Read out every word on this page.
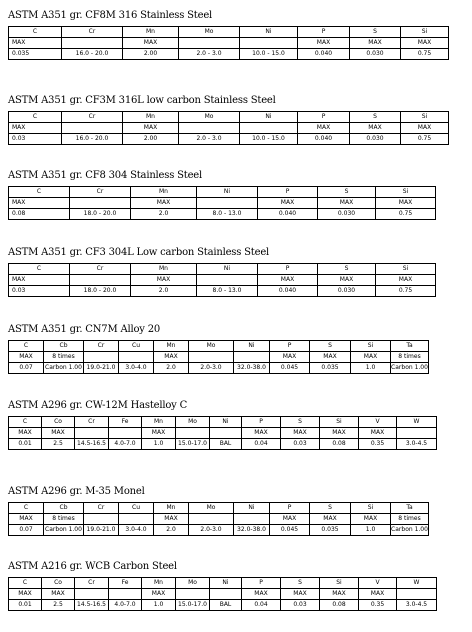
ASTM A351 gr. CF8M 316 Stainless Steel
C	Cr	Mn	Mo	Ni	P	S	Si
MAX		MAX			MAX	MAX	MAX
0.035	16.0 - 20.0	2.00	2.0 - 3.0	10.0 - 15.0	0.040	0.030	0.75
ASTM A351 gr. CF3M 316L low carbon Stainless Steel
C	Cr	Mn	Mo	Ni	P	S	Si
MAX		MAX			MAX	MAX	MAX
0.03	16.0 - 20.0	2.00	2.0 - 3.0	10.0 - 15.0	0.040	0.030	0.75
ASTM A351 gr. CF8 304 Stainless Steel
C	Cr	Mn	Ni	P	S	Si
MAX		MAX		MAX	MAX	MAX
0.08	18.0 - 20.0	2.0	8.0 - 13.0	0.040	0.030	0.75
ASTM A351 gr. CF3 304L Low carbon Stainless Steel
C	Cr	Mn	Ni	P	S	Si
MAX		MAX		MAX	MAX	MAX
0.03	18.0 - 20.0	2.0	8.0 - 13.0	0.040	0.030	0.75
ASTM A351 gr. CN7M Alloy 20
C	Cb	Cr	Cu	Mn	Mo	Ni	P	S	Si	Ta
MAX	8 times			MAX			MAX	MAX	MAX	8 times
0.07	Carbon 1.00	19.0-21.0	3.0-4.0	2.0	2.0-3.0	32.0-38.0	0.045	0.035	1.0	Carbon 1.00
ASTM A296 gr. CW-12M Hastelloy C
C	Co	Cr	Fe	Mn	Mo	Ni	P	S	Si	V	W
MAX	MAX			MAX			MAX	MAX	MAX	MAX	
0.01	2.5	14.5-16.5	4.0-7.0	1.0	15.0-17.0	BAL	0.04	0.03	0.08	0.35	3.0-4.5
ASTM A296 gr. M-35 Monel
C	Cb	Cr	Cu	Mn	Mo	Ni	P	S	Si	Ta
MAX	8 times			MAX			MAX	MAX	MAX	8 times
0.07	Carbon 1.00	19.0-21.0	3.0-4.0	2.0	2.0-3.0	32.0-38.0	0.045	0.035	1.0	Carbon 1.00
ASTM A216 gr. WCB Carbon Steel
C	Co	Cr	Fe	Mn	Mo	Ni	P	S	Si	V	W
MAX	MAX			MAX			MAX	MAX	MAX	MAX	
0.01	2.5	14.5-16.5	4.0-7.0	1.0	15.0-17.0	BAL	0.04	0.03	0.08	0.35	3.0-4.5
